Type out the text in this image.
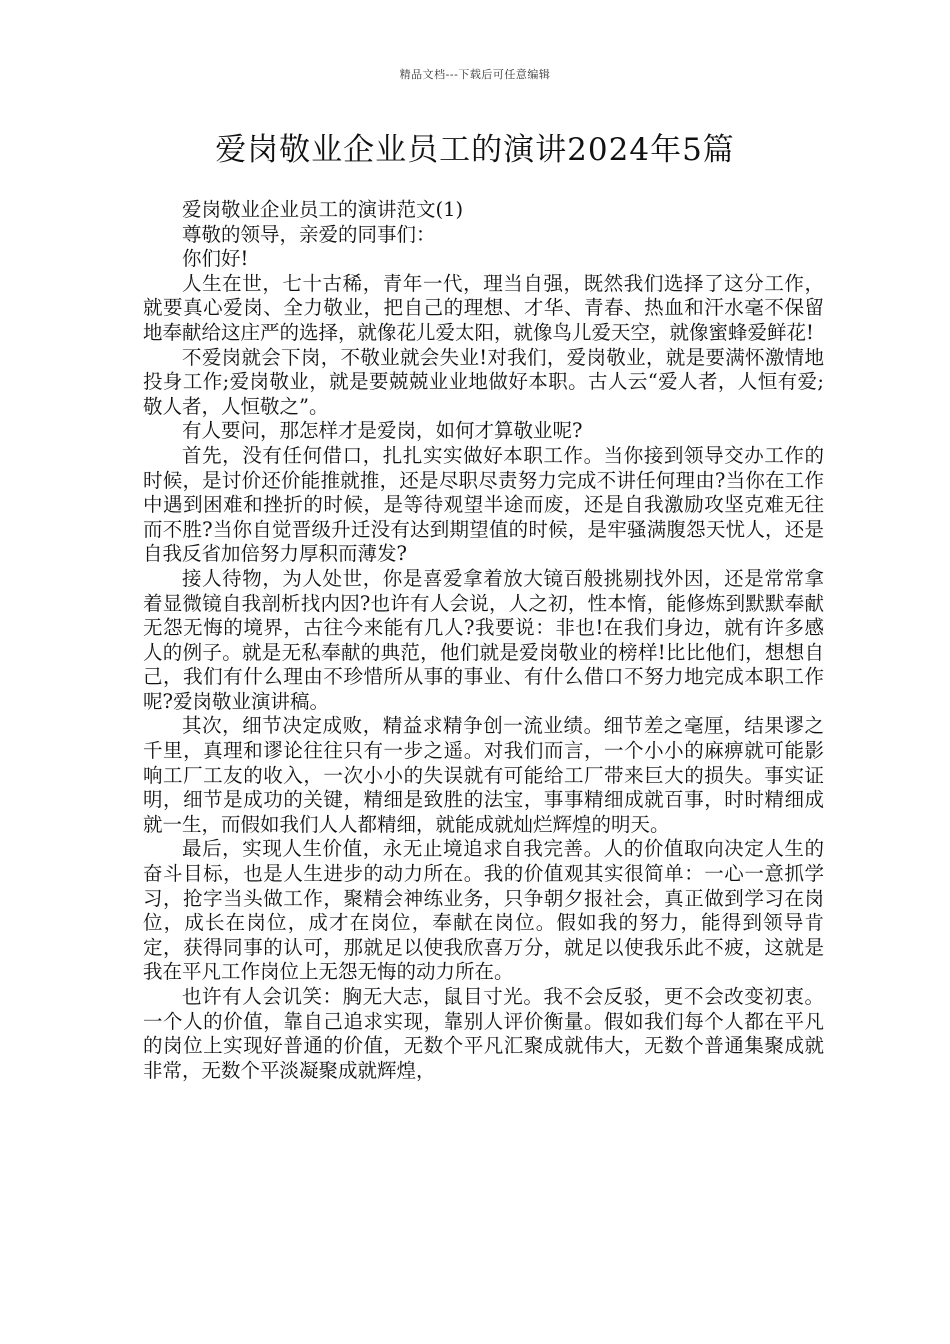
精品文档---下载后可任意编辑
爱岗敬业企业员工的演讲2024年5篇

爱岗敬业企业员工的演讲范文(1)

尊敬的领导，亲爱的同事们：

你们好!

人生在世，七十古稀，青年一代，理当自强，既然我们选择了这分工作，就要真心爱岗、全力敬业，把自己的理想、才华、青春、热血和汗水毫不保留地奉献给这庄严的选择，就像花儿爱太阳，就像鸟儿爱天空，就像蜜蜂爱鲜花!

不爱岗就会下岗，不敬业就会失业!对我们，爱岗敬业，就是要满怀激情地投身工作;爱岗敬业，就是要兢兢业业地做好本职。古人云“爱人者，人恒有爱;敬人者，人恒敬之”。

有人要问，那怎样才是爱岗，如何才算敬业呢?

首先，没有任何借口，扎扎实实做好本职工作。当你接到领导交办工作的时候，是讨价还价能推就推，还是尽职尽责努力完成不讲任何理由?当你在工作中遇到困难和挫折的时候，是等待观望半途而废，还是自我激励攻坚克难无往而不胜?当你自觉晋级升迁没有达到期望值的时候，是牢骚满腹怨天忧人，还是自我反省加倍努力厚积而薄发?

接人待物，为人处世，你是喜爱拿着放大镜百般挑剔找外因，还是常常拿着显微镜自我剖析找内因?也许有人会说，人之初，性本惰，能修炼到默默奉献无怨无悔的境界，古往今来能有几人?我要说：非也!在我们身边，就有许多感人的例子。就是无私奉献的典范，他们就是爱岗敬业的榜样!比比他们，想想自己，我们有什么理由不珍惜所从事的事业、有什么借口不努力地完成本职工作呢?爱岗敬业演讲稿。

其次，细节决定成败，精益求精争创一流业绩。细节差之毫厘，结果谬之千里，真理和谬论往往只有一步之遥。对我们而言，一个小小的麻痹就可能影响工厂工友的收入，一次小小的失误就有可能给工厂带来巨大的损失。事实证明，细节是成功的关键，精细是致胜的法宝，事事精细成就百事，时时精细成就一生，而假如我们人人都精细，就能成就灿烂辉煌的明天。

最后，实现人生价值，永无止境追求自我完善。人的价值取向决定人生的奋斗目标，也是人生进步的动力所在。我的价值观其实很简单：一心一意抓学习，抢字当头做工作，聚精会神练业务，只争朝夕报社会，真正做到学习在岗位，成长在岗位，成才在岗位，奉献在岗位。假如我的努力，能得到领导肯定，获得同事的认可，那就足以使我欣喜万分，就足以使我乐此不疲，这就是我在平凡工作岗位上无怨无悔的动力所在。

也许有人会讥笑：胸无大志，鼠目寸光。我不会反驳，更不会改变初衷。一个人的价值，靠自己追求实现，靠别人评价衡量。假如我们每个人都在平凡的岗位上实现好普通的价值，无数个平凡汇聚成就伟大，无数个普通集聚成就非常，无数个平淡凝聚成就辉煌，
